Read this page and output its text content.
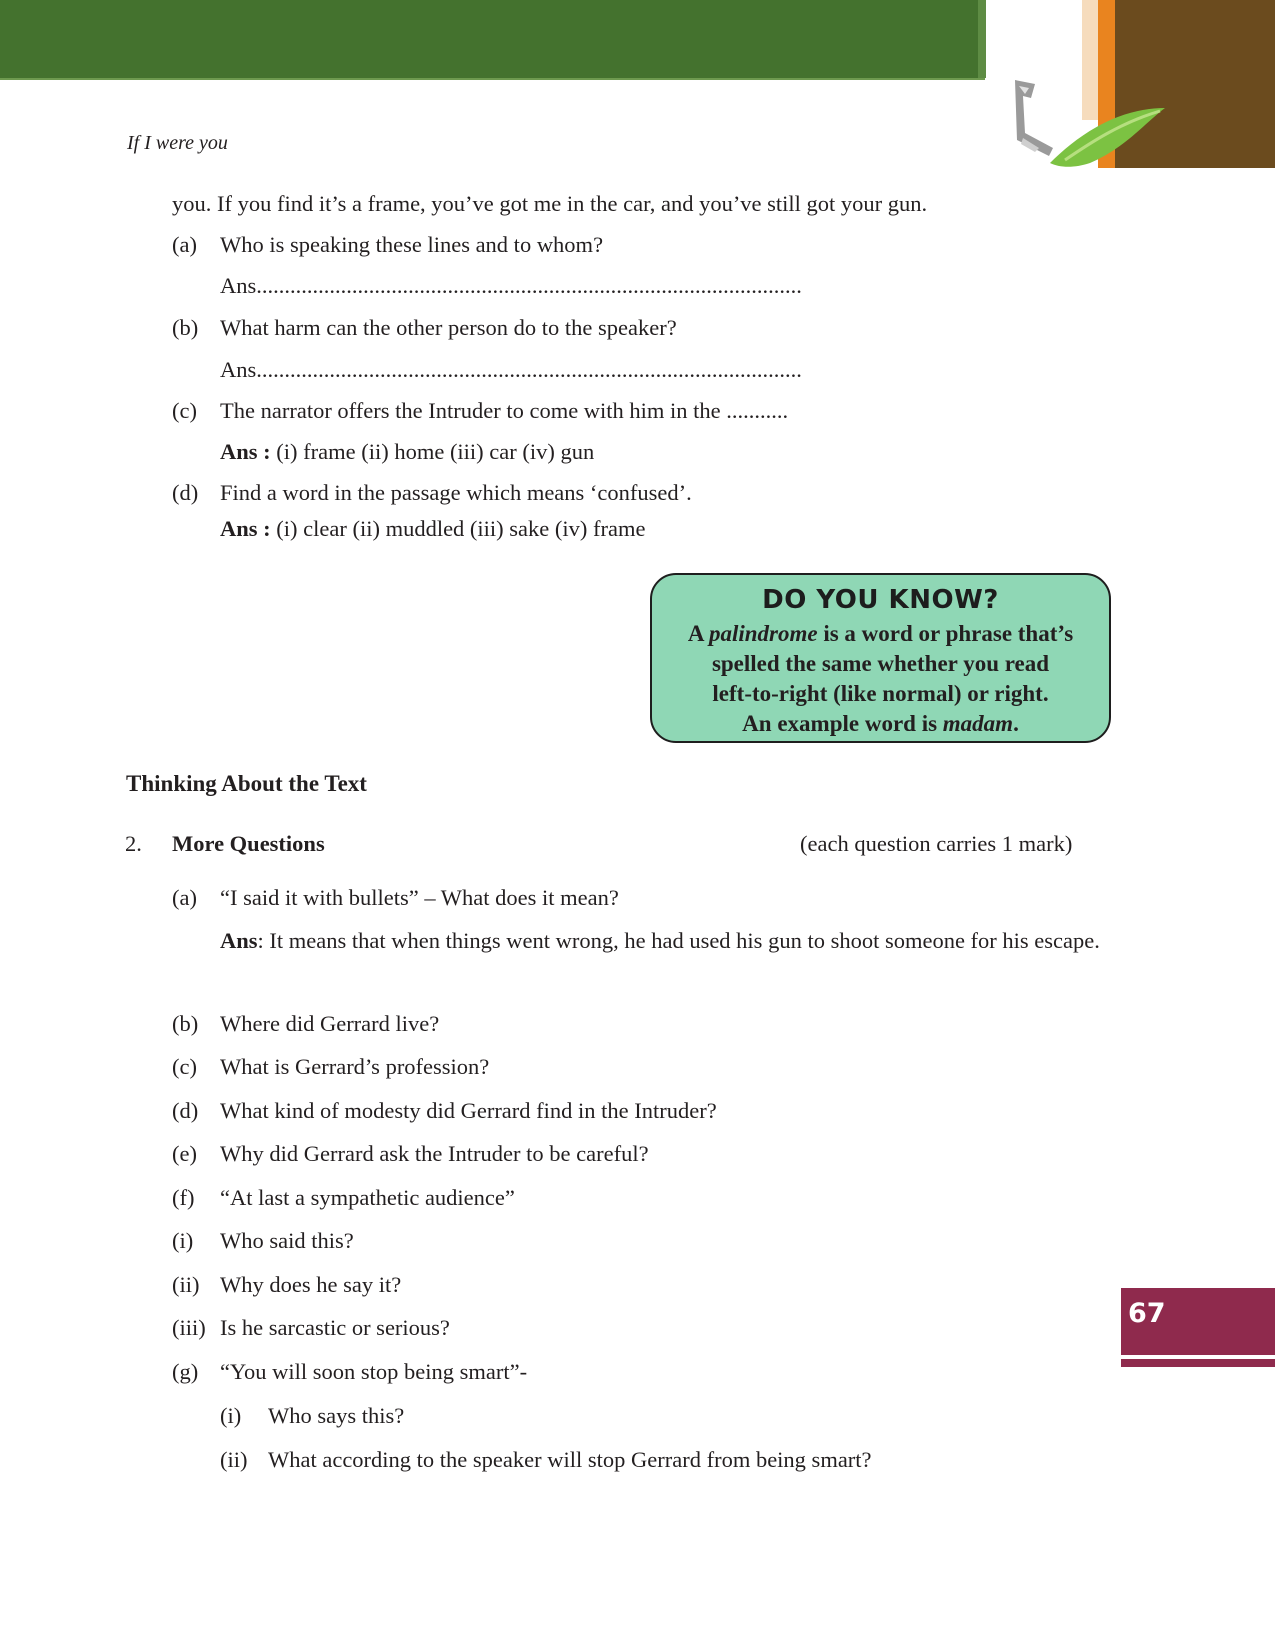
If I were you
you. If you find it’s a frame, you’ve got me in the car, and you’ve still got your gun.
(a) Who is speaking these lines and to whom?
Ans.................................................................................................
(b) What harm can the other person do to the speaker?
Ans.................................................................................................
(c) The narrator offers the Intruder to come with him in the ...........
Ans : (i) frame (ii) home (iii) car (iv) gun
(d) Find a word in the passage which means ‘confused’.
Ans : (i) clear (ii) muddled (iii) sake (iv) frame
DO YOU KNOW?
A palindrome is a word or phrase that’s
spelled the same whether you read
left-to-right (like normal) or right.
An example word is madam.
Thinking About the Text
2. More Questions	(each question carries 1 mark)
(a) “I said it with bullets” – What does it mean?
Ans: It means that when things went wrong, he had used his gun to shoot someone for his escape.
(b) Where did Gerrard live?
(c) What is Gerrard’s profession?
(d) What kind of modesty did Gerrard find in the Intruder?
(e) Why did Gerrard ask the Intruder to be careful?
(f) “At last a sympathetic audience”
(i) Who said this?
(ii) Why does he say it?
(iii) Is he sarcastic or serious?
(g) “You will soon stop being smart”-
(i) Who says this?
(ii) What according to the speaker will stop Gerrard from being smart?
67
